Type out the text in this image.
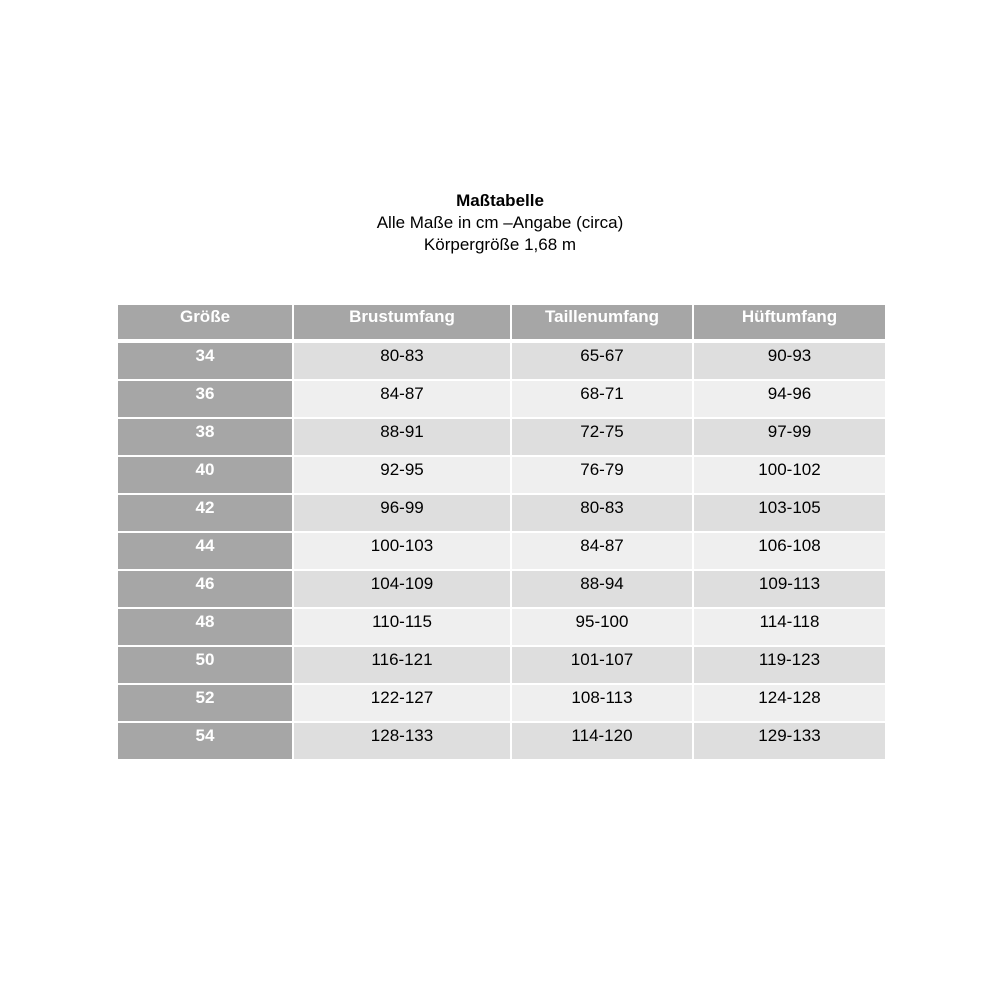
Maßtabelle
Alle Maße in cm –Angabe (circa)
Körpergröße 1,68 m
Größe	Brustumfang	Taillenumfang	Hüftumfang
34	80-83	65-67	90-93
36	84-87	68-71	94-96
38	88-91	72-75	97-99
40	92-95	76-79	100-102
42	96-99	80-83	103-105
44	100-103	84-87	106-108
46	104-109	88-94	109-113
48	110-115	95-100	114-118
50	116-121	101-107	119-123
52	122-127	108-113	124-128
54	128-133	114-120	129-133
